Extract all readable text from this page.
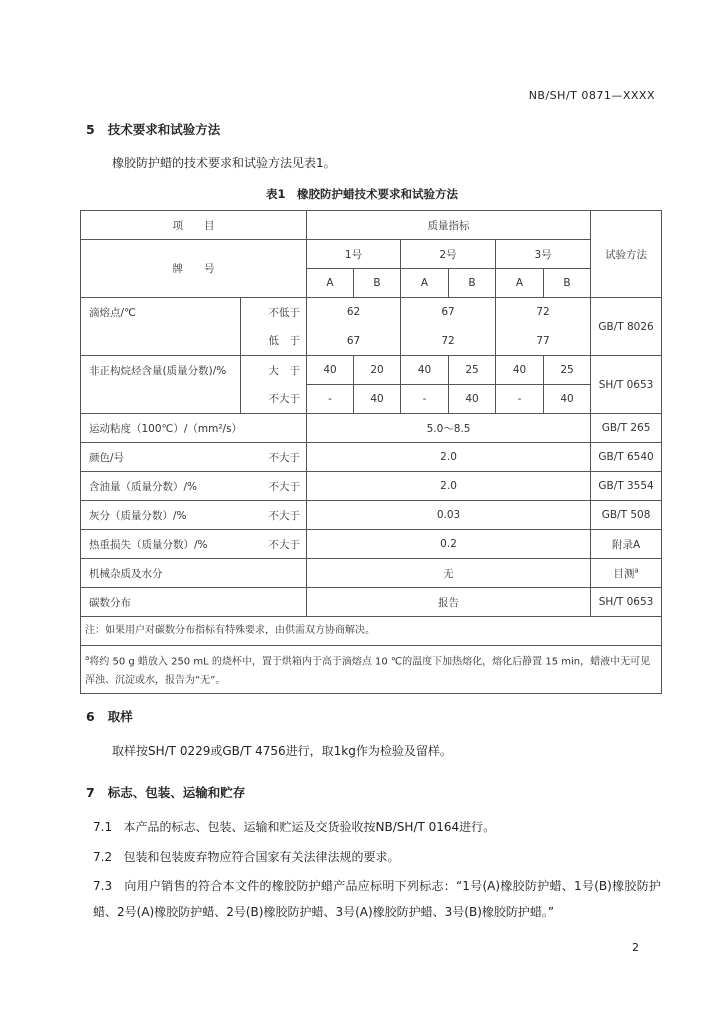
NB/SH/T 0871—XXXX
5 技术要求和试验方法
橡胶防护蜡的技术要求和试验方法见表1。
表1　橡胶防护蜡技术要求和试验方法
项　　目		质量指标						试验方法
牌　　号		1号		2号		3号		
		A	B	A	B	A	B	
滴熔点/℃	不低于	62		67		72		GB/T 8026
	低　于	67		72		77		
非正构烷烃含量(质量分数)/%	大　于	40	20	40	25	40	25	SH/T 0653
	不大于	-	40	-	40	-	40	
运动粘度（100℃）/（mm²/s）		5.0～8.5						GB/T 265
颜色/号	不大于	2.0						GB/T 6540
含油量（质量分数）/%	不大于	2.0						GB/T 3554
灰分（质量分数）/%	不大于	0.03						GB/T 508
热重损失（质量分数）/%	不大于	0.2						附录A
机械杂质及水分		无						目测$^a$
碳数分布		报告						SH/T 0653
注：如果用户对碳数分布指标有特殊要求，由供需双方协商解决。								
$^a$将约 50 g 蜡放入 250 mL 的烧杯中，置于烘箱内于高于滴熔点 10 ℃的温度下加热熔化，熔化后静置 15 min，蜡液中无可见浑浊、沉淀或水，报告为“无”。								
6 取样
取样按SH/T 0229或GB/T 4756进行，取1kg作为检验及留样。
7 标志、包装、运输和贮存
7.1 本产品的标志、包装、运输和贮运及交货验收按NB/SH/T 0164进行。
7.2 包装和包装废弃物应符合国家有关法律法规的要求。
7.3 向用户销售的符合本文件的橡胶防护蜡产品应标明下列标志：“1号(A)橡胶防护蜡、1号(B)橡胶防护蜡、2号(A)橡胶防护蜡、2号(B)橡胶防护蜡、3号(A)橡胶防护蜡、3号(B)橡胶防护蜡。”
2
